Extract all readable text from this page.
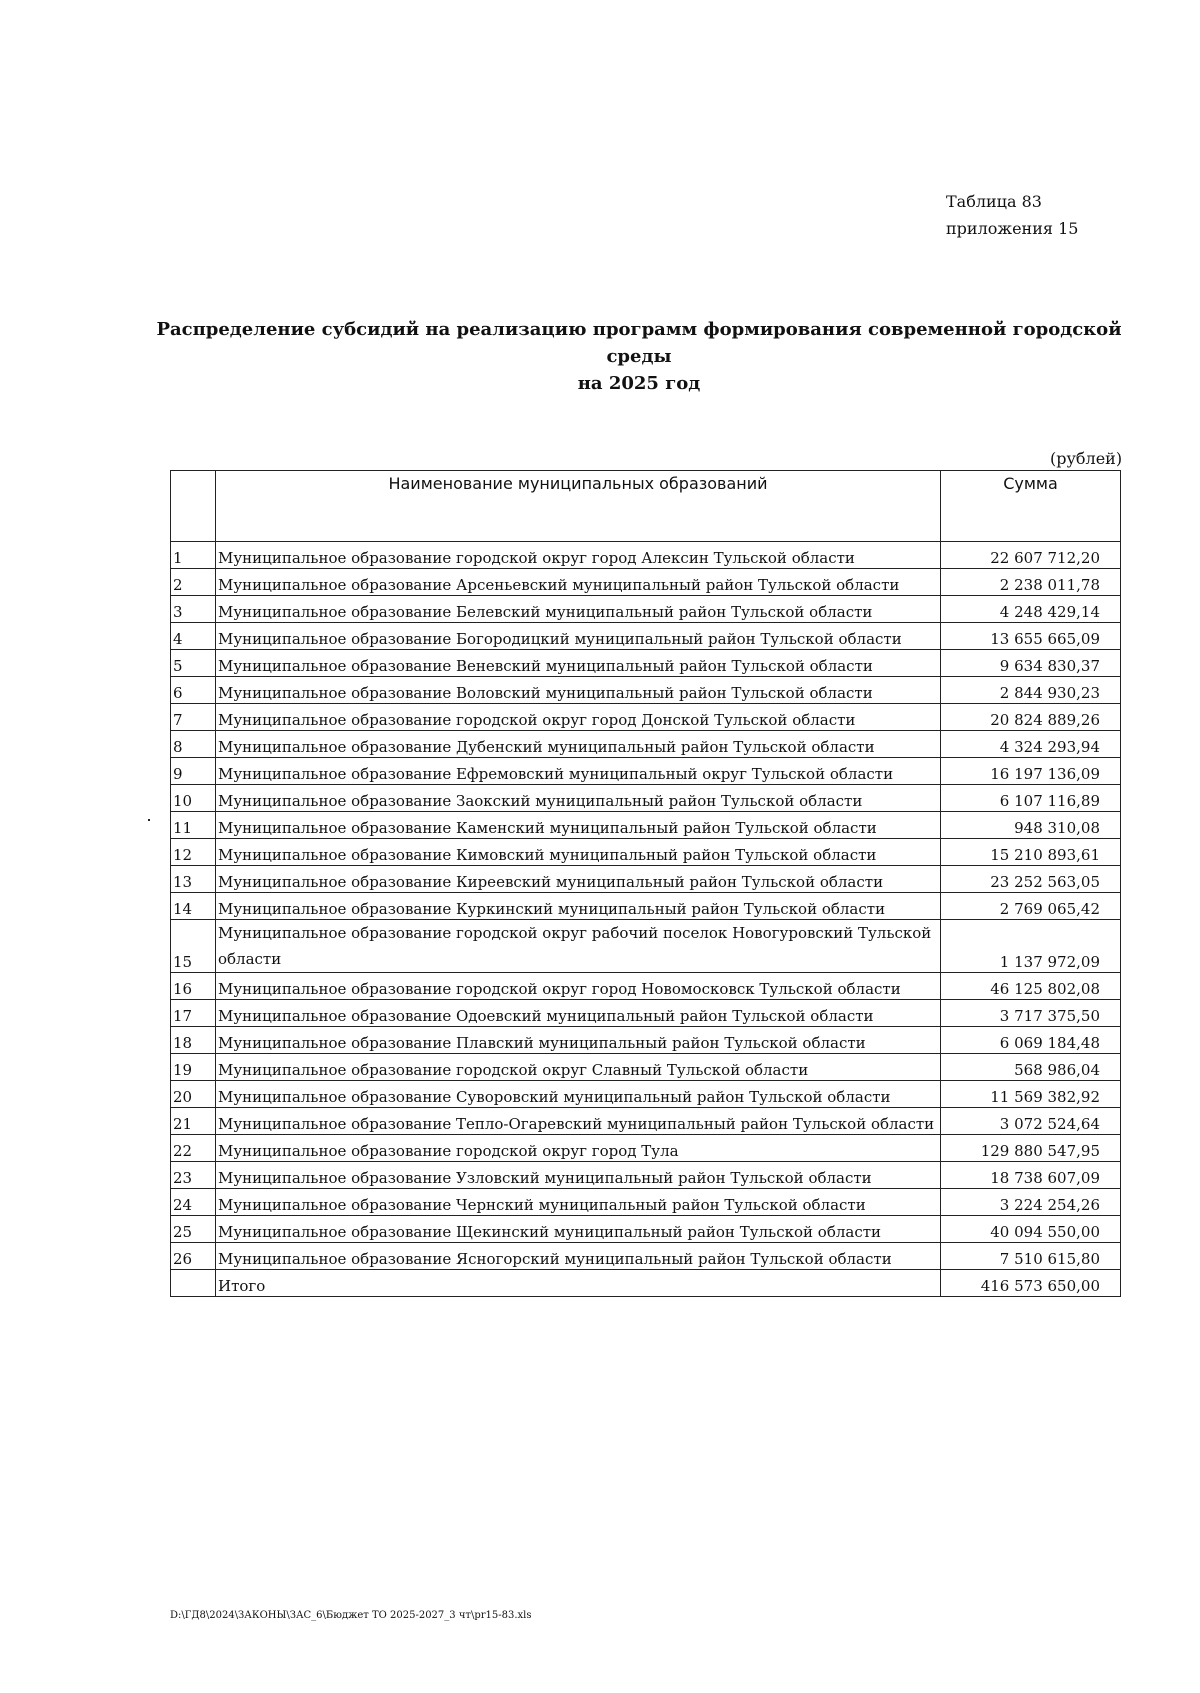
Таблица 83
приложения 15
Распределение субсидий на реализацию программ формирования современной городской среды
на 2025 год
(рублей)
	Наименование муниципальных образований	Сумма
1	Муниципальное образование городской округ город Алексин Тульской области	22 607 712,20
2	Муниципальное образование Арсеньевский муниципальный район Тульской области	2 238 011,78
3	Муниципальное образование Белевский муниципальный район Тульской области	4 248 429,14
4	Муниципальное образование Богородицкий муниципальный район Тульской области	13 655 665,09
5	Муниципальное образование Веневский муниципальный район Тульской области	9 634 830,37
6	Муниципальное образование Воловский муниципальный район Тульской области	2 844 930,23
7	Муниципальное образование городской округ город Донской Тульской области	20 824 889,26
8	Муниципальное образование Дубенский муниципальный район Тульской области	4 324 293,94
9	Муниципальное образование Ефремовский муниципальный округ Тульской области	16 197 136,09
10	Муниципальное образование Заокский муниципальный район Тульской области	6 107 116,89
11	Муниципальное образование Каменский муниципальный район Тульской области	948 310,08
12	Муниципальное образование Кимовский муниципальный район Тульской области	15 210 893,61
13	Муниципальное образование Киреевский муниципальный район Тульской области	23 252 563,05
14	Муниципальное образование Куркинский муниципальный район Тульской области	2 769 065,42
15	Муниципальное образование городской округ рабочий поселок Новогуровский Тульской области	1 137 972,09
16	Муниципальное образование городской округ город Новомосковск Тульской области	46 125 802,08
17	Муниципальное образование Одоевский муниципальный район Тульской области	3 717 375,50
18	Муниципальное образование Плавский муниципальный район Тульской области	6 069 184,48
19	Муниципальное образование городской округ Славный Тульской области	568 986,04
20	Муниципальное образование Суворовский муниципальный район Тульской области	11 569 382,92
21	Муниципальное образование Тепло-Огаревский муниципальный район Тульской области	3 072 524,64
22	Муниципальное образование городской округ город Тула	129 880 547,95
23	Муниципальное образование Узловский муниципальный район Тульской области	18 738 607,09
24	Муниципальное образование Чернский муниципальный район Тульской области	3 224 254,26
25	Муниципальное образование Щекинский муниципальный район Тульской области	40 094 550,00
26	Муниципальное образование Ясногорский муниципальный район Тульской области	7 510 615,80
	Итого	416 573 650,00
D:\ГД8\2024\ЗАКОНЫ\ЗАС_6\Бюджет ТО 2025-2027_3 чт\pr15-83.xls
